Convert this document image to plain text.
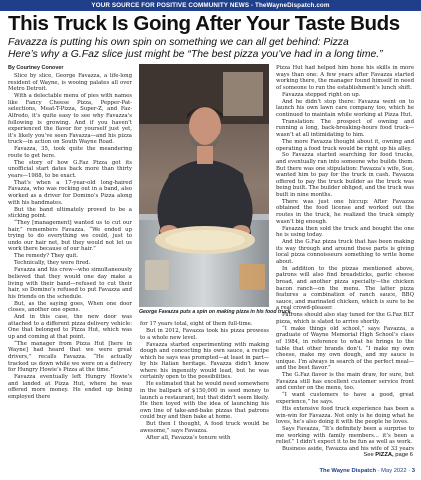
YOUR SOURCE FOR POSITIVE COMMUNITY NEWS - TheWayneDispatch.com
This Truck Is Going After Your Taste Buds
Favazza is putting his own spin on something we can all get behind: Pizza
Here’s why a G.Faz slice just might be “The best pizza you’ve had in a long time.”
By Courtney Conover

Slice by slice, George Favazza, a life-long resident of Wayne, is wooing palates all over Metro Detroit.

With a delectable menu of pies with names like Fancy Cheese Pizza, Pepper-Pat-selections, Meat-T-Pizza, Super-Z, and Faz-Alfredo, it’s quite easy to see why Favazza’s following is growing. And if you haven’t experienced the flavor for yourself just yet, it’s likely you’ve seen Favazza—and his pizza truck—in action on South Wayne Road.

Favazza, 35, took quite the meandering route to get here.

The story of how G.Faz Pizza got its unofficial start dates back more than thirty years—1988, to be exact.

That’s when a 17-year-old long-haired Favazza, who was rocking out in a band, also worked as a driver for Domino’s Pizza along with his bandmates.

But the band ultimately proved to be a sticking point.

“They [management] wanted us to cut our hair,” remembers Favazza. “We ended up trying to do everything we could, just to undo our hair net, but they would not let us work there because of our hair.”

The remedy? They quit.

Technically, they were fired.

Favazza and his crew—who simultaneously believed that they would one day make a living with their band—refused to cut their hair, so Domino’s refused to put Favazza and his friends on the schedule.

But, as the saying goes, When one door closes, another one opens.

And in this case, the new door was attached to a different pizza delivery vehicle: One that belonged to Pizza Hut, which was up and coming at that point.

“The manager from Pizza Hut [here in Wayne] had heard that we were great drivers,” recalls Favazza. “He actually tracked us down while we were on a delivery for Hungry Howie’s Pizza at the time.”

Favazza eventually left Hungry Howie’s and landed at Pizza Hut, where he was offered more money. He ended up being employed there

George Favazza puts a spin on making pizza in his food truck.

for 17 years total, eight of them full-time.

But in 2012, Favazza took his pizza prowess to a whole new level.

Favazza started experimenting with making dough and concocting his own sauce, a recipe which he says was prompted—at least in part—by his Italian heritage. Favazza didn’t know where his ingenuity would lead, but he was certainly open to the possibilities.

He estimated that he would need somewhere in the ballpark of $150,000 in seed money to launch a restaurant, but that didn’t seem likely. He then toyed with the idea of launching his own line of take-and-bake pizzas that patrons could buy and then bake at home.

But then I thought, A food truck would be awesome,” says Favazza.

After all, Favazza’s tenure with

Pizza Hut had helped him hone his skills in more ways than one: A few years after Favazza started working there, the manager found himself in need of someone to run the establishment’s lunch shift.

Favazza stepped right on up.

And he didn’t stop there: Favazza went on to launch his own lawn care company too, which he continued to maintain while working at Pizza Hut.

Translation: The prospect of owning and running a long, back-breaking-hours food truck—wasn’t at all intimidating to him.

The more Favazza thought about it, owning and operating a food truck would be right up his alley.

So Favazza started searching for food trucks, and eventually ran into someone who builds them. But there was one stipulation: Favazza’s wife, Sue, wanted him to pay for the truck in cash. Favazza offered to pay the truck builder as the truck was being built. The builder obliged, and the truck was built in nine months.

There was just one hiccup: After Favazza obtained the food license and worked out the routes in the truck, he realized the truck simply wasn’t big enough.

Favazza then sold the truck and bought the one he is using today.

And the G.Faz pizza truck that has been making its way through and around these parts is giving local pizza connoisseurs something to write home about.

In addition to the pizzas mentioned above, patrons will also find breadsticks, garlic cheese bread, and another pizza specialty—the chicken bacon ranch—on the menu. The latter pizza features a combination of ranch sauce, BBQ sauce, and marinated chicken, which is sure to be a real crowd-pleaser.

Patrons should also stay tuned for the G.Faz BLT pizza, which is slated to arrive shortly.

“I make things old school,” says Favazza, a graduate of Wayne Memorial High School’s class of 1984, in reference to what he brings to the table that other brands don’t. “I make my own cheese, make my own dough, and my sauce is unique. I’m always in search of the perfect meal—and the best flavor.”

The G.Faz flavor is the main draw, for sure, but Favazza still has excellent customer service front and center on the menu, too.

“I want customers to have a good, great experience,” he says.

His extensive food truck experience has been a win-win for Favazza. Not only is he doing what he loves, he’s also doing it with the people he loves.

Says Favazza, “It’s definitely been a surprise to me working with family members... it’s been a relief.” I didn’t expect it to be fun as well as work.

Business aside, Favazza and his wife of 33 years

See PIZZA, page 6
The Wayne Dispatch · May 2022 · 3
